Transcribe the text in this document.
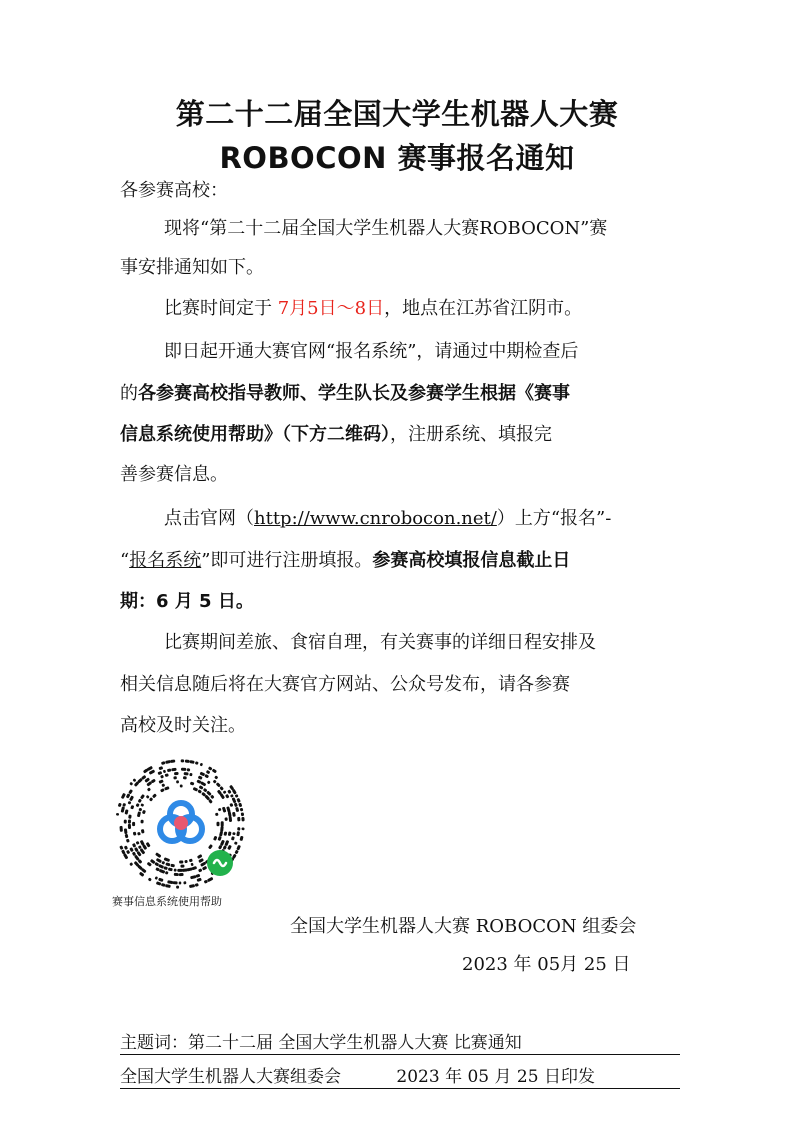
第二十二届全国大学生机器人大赛
ROBOCON 赛事报名通知
各参赛高校：
现将“第二十二届全国大学生机器人大赛ROBOCON”赛
事安排通知如下。
比赛时间定于 7月5日～8日，地点在江苏省江阴市。
即日起开通大赛官网“报名系统”，请通过中期检查后
的各参赛高校指导教师、学生队长及参赛学生根据《赛事
信息系统使用帮助》（下方二维码），注册系统、填报完
善参赛信息。
点击官网（http://www.cnrobocon.net/）上方“报名”-
“报名系统”即可进行注册填报。参赛高校填报信息截止日
期：6 月 5 日。
比赛期间差旅、食宿自理，有关赛事的详细日程安排及
相关信息随后将在大赛官方网站、公众号发布，请各参赛
高校及时关注。
赛事信息系统使用帮助
全国大学生机器人大赛 ROBOCON 组委会
2023 年 05月 25 日
主题词：第二十二届 全国大学生机器人大赛 比赛通知
全国大学生机器人大赛组委会	2023 年 05 月 25 日印发
